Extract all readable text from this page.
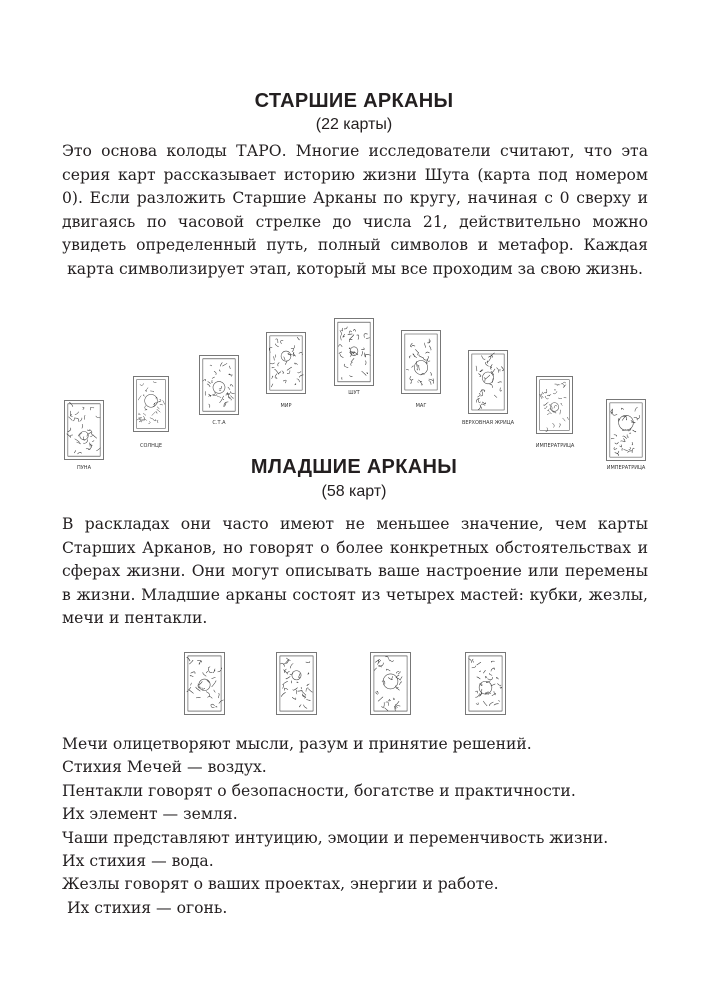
СТАРШИЕ АРКАНЫ
(22 карты)

Это основа колоды ТАРО. Многие исследователи считают, что эта серия карт рассказывает историю жизни Шута (карта под номером 0). Если разложить Старшие Арканы по кругу, начиная с 0 сверху и двигаясь по часовой стрелке до числа 21, действительно можно увидеть определенный путь, полный символов и метафор. Каждая карта символизирует этап, который мы все проходим за свою жизнь.

ПУНА
СОЛНЦЕ
С.Т.А
МИР
ШУТ
МАГ
ВЕРХОВНАЯ ЖРИЦА
ИМПЕРАТРИЦА
ИМПЕРАТРИЦА
МЛАДШИЕ АРКАНЫ
(58 карт)

В раскладах они часто имеют не меньшее значение, чем карты Старших Арканов, но говорят о более конкретных обстоятельствах и сферах жизни. Они могут описывать ваше настроение или перемены в жизни. Младшие арканы состоят из четырех мастей: кубки, жезлы, мечи и пентакли.

Мечи олицетворяют мысли, разум и принятие решений.
Стихия Мечей — воздух.
Пентакли говорят о безопасности, богатстве и практичности.
Их элемент — земля.
Чаши представляют интуицию, эмоции и переменчивость жизни.
Их стихия — вода.
Жезлы говорят о ваших проектах, энергии и работе.
Их стихия — огонь.
